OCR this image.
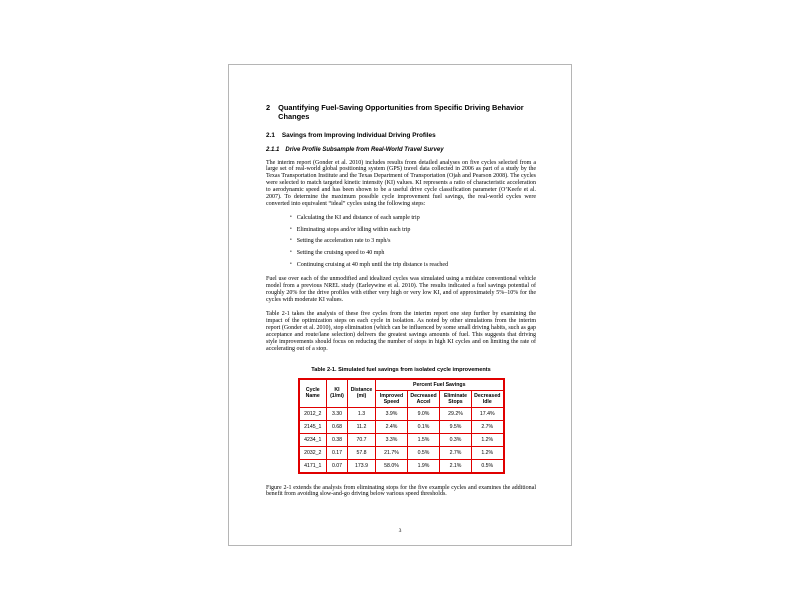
2 Quantifying Fuel-Saving Opportunities from Specific Driving Behavior Changes
2.1 Savings from Improving Individual Driving Profiles
2.1.1 Drive Profile Subsample from Real-World Travel Survey

The interim report (Gonder et al. 2010) includes results from detailed analyses on five cycles selected from a large set of real-world global positioning system (GPS) travel data collected in 2006 as part of a study by the Texas Transportation Institute and the Texas Department of Transportation (Ojah and Pearson 2008). The cycles were selected to match targeted kinetic intensity (KI) values. KI represents a ratio of characteristic acceleration to aerodynamic speed and has been shown to be a useful drive cycle classification parameter (O’Keefe et al. 2007). To determine the maximum possible cycle improvement fuel savings, the real-world cycles were converted into equivalent “ideal” cycles using the following steps:

• Calculating the KI and distance of each sample trip
• Eliminating stops and/or idling within each trip
• Setting the acceleration rate to 3 mph/s
• Setting the cruising speed to 40 mph
• Continuing cruising at 40 mph until the trip distance is reached

Fuel use over each of the unmodified and idealized cycles was simulated using a midsize conventional vehicle model from a previous NREL study (Earleywine et al. 2010). The results indicated a fuel savings potential of roughly 20% for the drive profiles with either very high or very low KI, and of approximately 5%–10% for the cycles with moderate KI values.

Table 2-1 takes the analysis of these five cycles from the interim report one step further by examining the impact of the optimization steps on each cycle in isolation. As noted by other simulations from the interim report (Gonder et al. 2010), stop elimination (which can be influenced by some small driving habits, such as gap acceptance and route/lane selection) delivers the greatest savings amounts of fuel. This suggests that driving style improvements should focus on reducing the number of stops in high KI cycles and on limiting the rate of accelerating out of a stop.

Table 2-1. Simulated fuel savings from isolated cycle improvements
Cycle Name	KI (1/mi)	Distance (mi)	Percent Fuel Savings			
			Improved Speed	Decreased Accel	Eliminate Stops	Decreased Idle
2012_2	3.30	1.3	3.9%	9.0%	29.2%	17.4%
2145_1	0.68	11.2	2.4%	0.1%	9.5%	2.7%
4234_1	0.38	70.7	3.3%	1.5%	0.3%	1.2%
2032_2	0.17	57.8	21.7%	0.5%	2.7%	1.2%
4171_1	0.07	173.9	58.0%	1.9%	2.1%	0.5%

Figure 2-1 extends the analysis from eliminating stops for the five example cycles and examines the additional benefit from avoiding slow-and-go driving below various speed thresholds.

3
